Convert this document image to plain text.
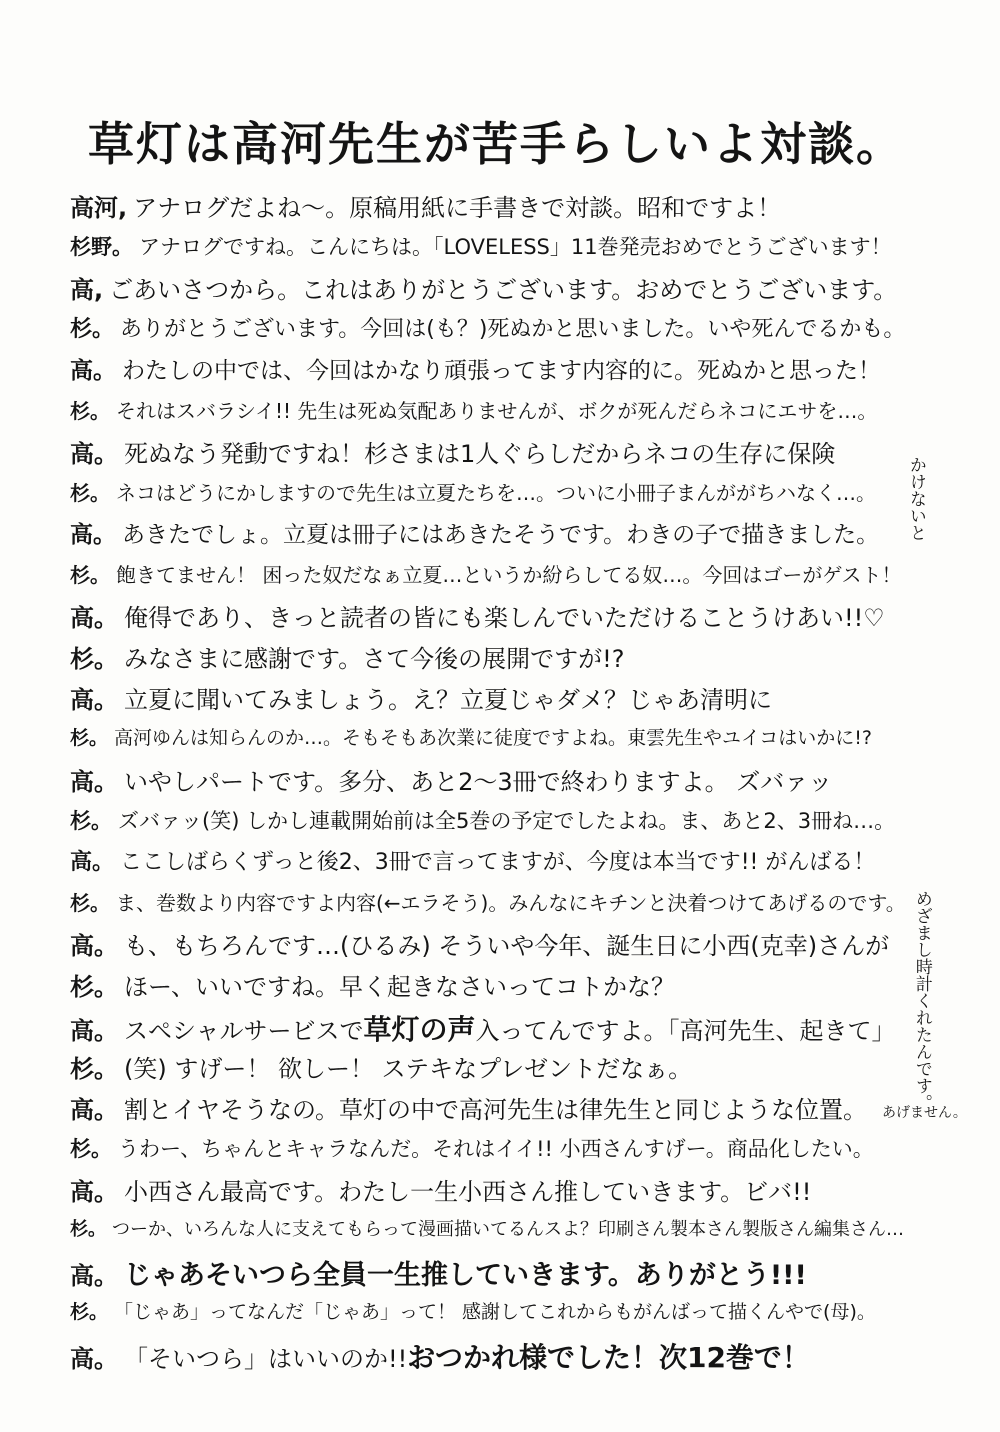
草灯は高河先生が苦手らしいよ対談。
高河, アナログだよね〜。原稿用紙に手書きで対談。昭和ですよ！
杉野。 アナログですね。こんにちは。「LOVELESS」11巻発売おめでとうございます！
高, ごあいさつから。これはありがとうございます。おめでとうございます。
杉。 ありがとうございます。今回は(も？)死ぬかと思いました。いや死んでるかも。
高。 わたしの中では、今回はかなり頑張ってます内容的に。死ぬかと思った！
杉。 それはスバラシイ!! 先生は死ぬ気配ありませんが、ボクが死んだらネコにエサを…。
高。 死ぬなう発動ですね！杉さまは1人ぐらしだからネコの生存に保険
杉。 ネコはどうにかしますので先生は立夏たちを…。ついに小冊子まんががちハなく…。
高。 あきたでしょ。立夏は冊子にはあきたそうです。わきの子で描きました。
杉。 飽きてません！ 困った奴だなぁ立夏…というか紛らしてる奴…。今回はゴーがゲスト！
高。 俺得であり、きっと読者の皆にも楽しんでいただけることうけあい!!♡
杉。 みなさまに感謝です。さて今後の展開ですが!?
高。 立夏に聞いてみましょう。え？立夏じゃダメ？じゃあ清明に
杉。 高河ゆんは知らんのか…。そもそもあ次業に徒度ですよね。東雲先生やユイコはいかに!?
高。 いやしパートです。多分、あと2〜3冊で終わりますよ。 ズバァッ
杉。 ズバァッ(笑) しかし連載開始前は全5巻の予定でしたよね。ま、あと2、3冊ね…。
高。 ここしばらくずっと後2、3冊で言ってますが、今度は本当です!! がんばる！
杉。 ま、巻数より内容ですよ内容(←エラそう)。みんなにキチンと決着つけてあげるのです。
高。 も、もちろんです…(ひるみ) そういや今年、誕生日に小西(克幸)さんが
杉。 ほー、いいですね。早く起きなさいってコトかな？
高。 スペシャルサービスで草灯の声入ってんですよ。「高河先生、起きて」
杉。 (笑) すげー！ 欲しー！ ステキなプレゼントだなぁ。
高。 割とイヤそうなの。草灯の中で高河先生は律先生と同じような位置。
杉。 うわー、ちゃんとキャラなんだ。それはイイ!! 小西さんすげー。商品化したい。
高。 小西さん最高です。わたし一生小西さん推していきます。ビバ!!
杉。 つーか、いろんな人に支えてもらって漫画描いてるんスよ？印刷さん製本さん製版さん編集さん…
高。 じゃあそいつら全員一生推していきます。ありがとう!!!
杉。 「じゃあ」ってなんだ「じゃあ」って！ 感謝してこれからもがんばって描くんやで(母)。
高。 「そいつら」はいいのか!!おつかれ様でした！次12巻で！
かけないと
めざまし時計くれたんです。
あげません。
